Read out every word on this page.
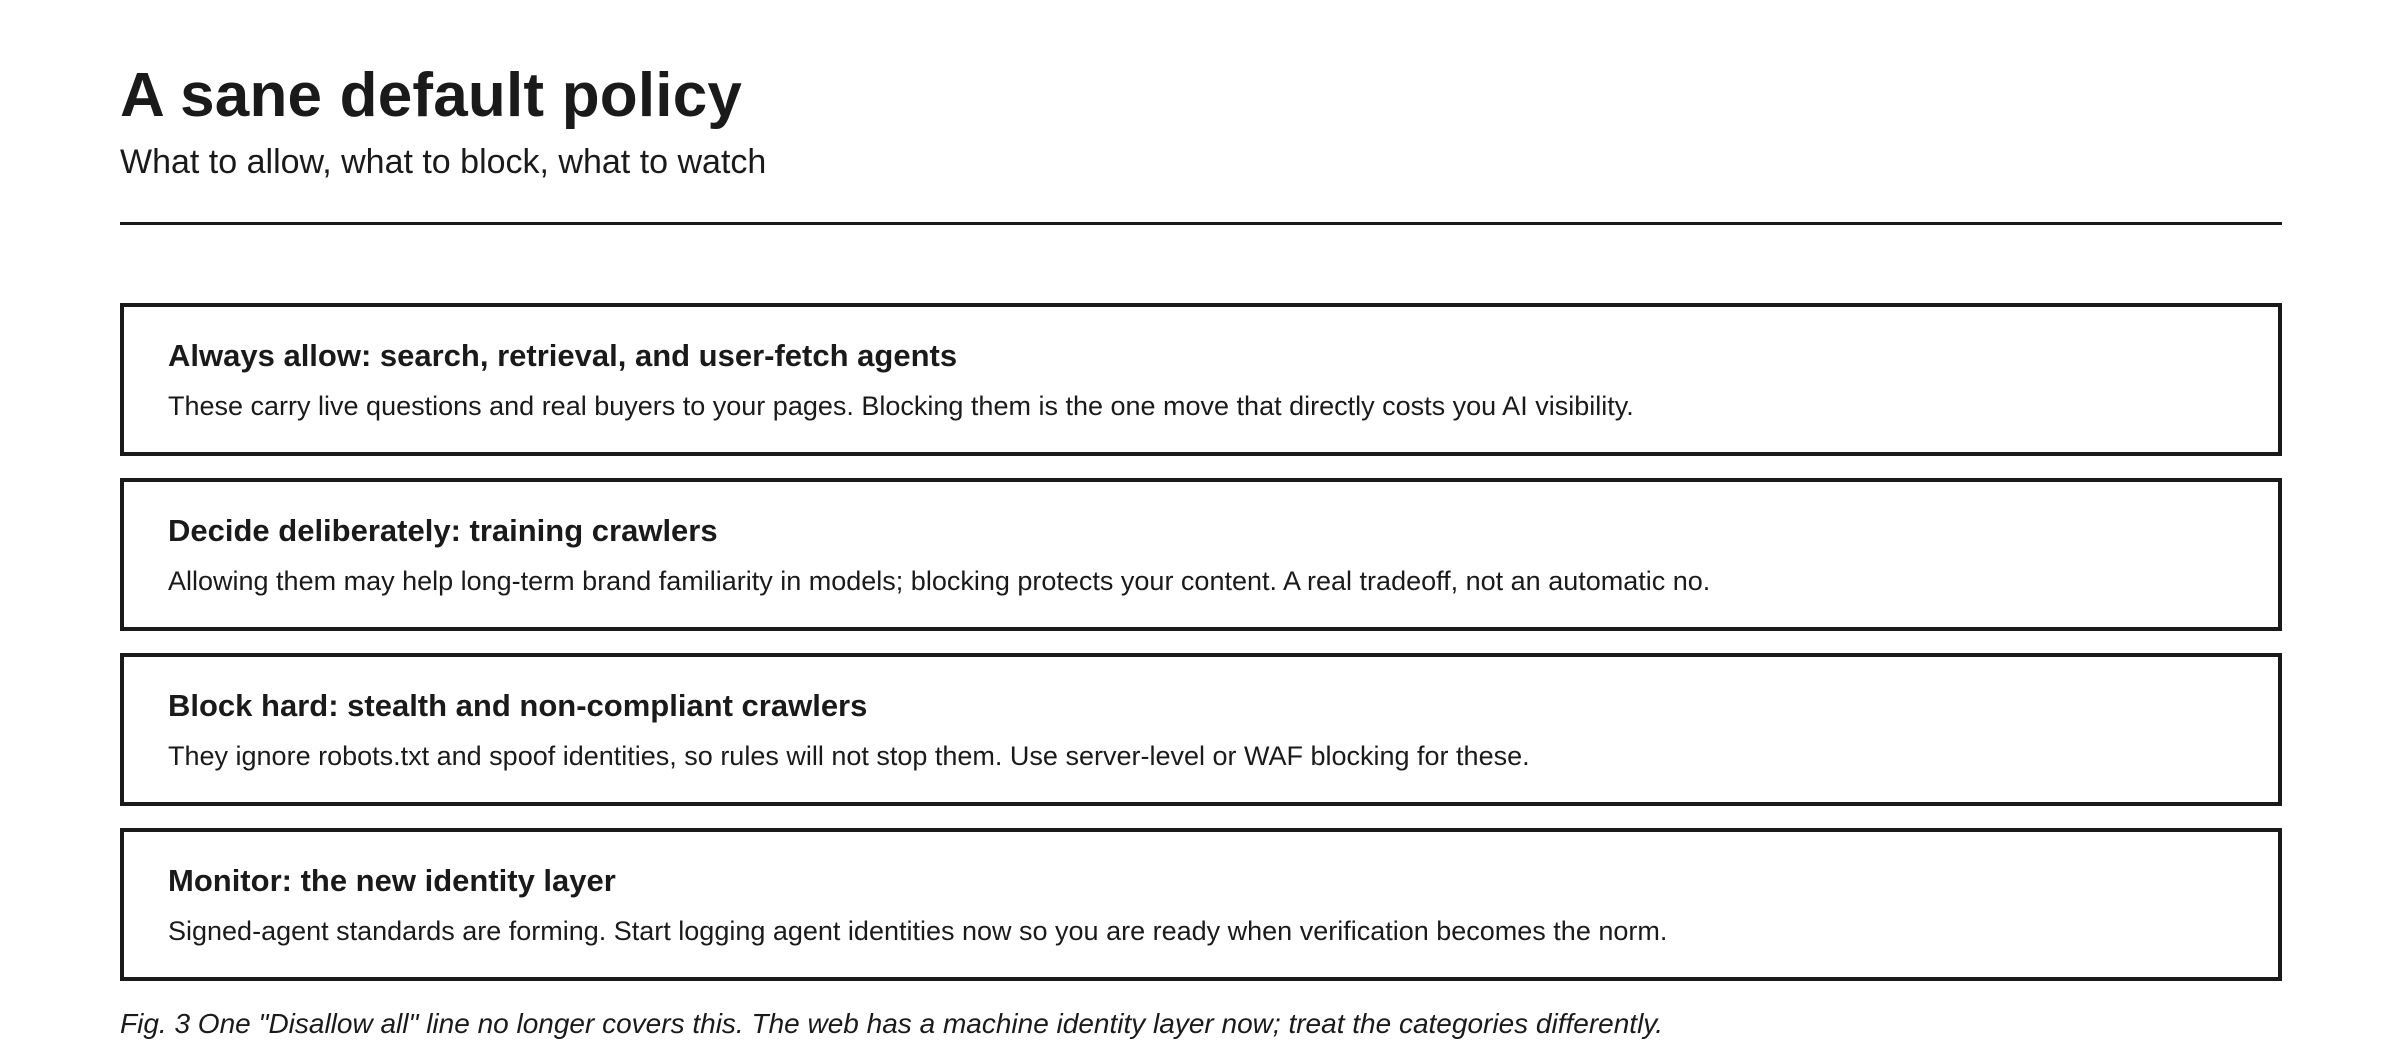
A sane default policy
What to allow, what to block, what to watch
Always allow: search, retrieval, and user-fetch agents
These carry live questions and real buyers to your pages. Blocking them is the one move that directly costs you AI visibility.
Decide deliberately: training crawlers
Allowing them may help long-term brand familiarity in models; blocking protects your content. A real tradeoff, not an automatic no.
Block hard: stealth and non-compliant crawlers
They ignore robots.txt and spoof identities, so rules will not stop them. Use server-level or WAF blocking for these.
Monitor: the new identity layer
Signed-agent standards are forming. Start logging agent identities now so you are ready when verification becomes the norm.
Fig. 3 One "Disallow all" line no longer covers this. The web has a machine identity layer now; treat the categories differently.
